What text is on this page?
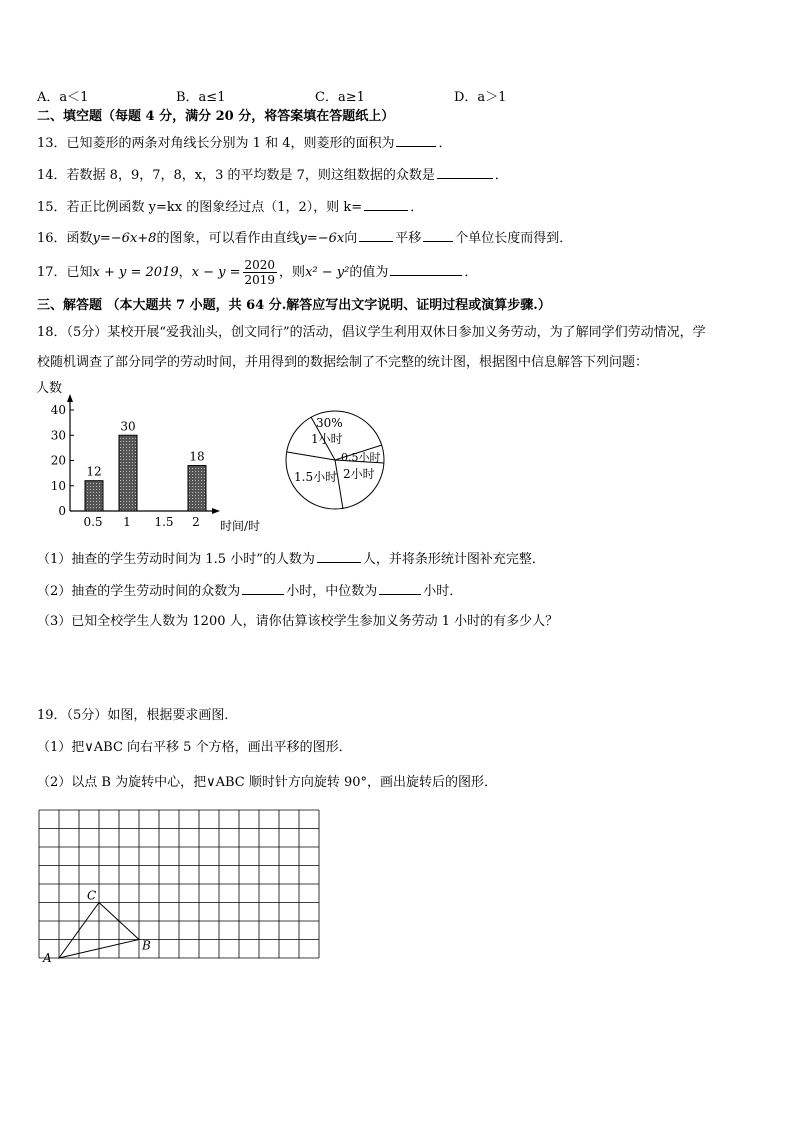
A．a＜1	B．a≤1	C．a≥1	D．a＞1
二、填空题（每题 4 分，满分 20 分，将答案填在答题纸上）
13．已知菱形的两条对角线长分别为 1 和 4，则菱形的面积为	．
14．若数据 8，9，7，8，x，3 的平均数是 7，则这组数据的众数是	．
15．若正比例函数 y=kx 的图象经过点（1，2），则 k=	．
16．函数y=−6x+8的图象，可以看作由直线y=−6x向	平移	个单位长度而得到．
17．已知x + y = 2019，$x - y = \frac{2020}{2019}$ ，则x² − y²的值为	．
三、解答题 （本大题共 7 小题，共 64 分.解答应写出文字说明、证明过程或演算步骤.）
18．（5分）某校开展“爱我汕头，创文同行”的活动，倡议学生利用双休日参加义务劳动，为了解同学们劳动情况，学
校随机调查了部分同学的劳动时间，并用得到的数据绘制了不完整的统计图，根据图中信息解答下列问题：
人数
时间/时
0
10
20
30
40
0.5
12
1
30
1.5 2
18
30%
1小时
0.5小时
2小时
1.5小时
（1）抽查的学生劳动时间为 1.5 小时”的人数为	人，并将条形统计图补充完整．
（2）抽查的学生劳动时间的众数为	小时，中位数为	小时．
（3）已知全校学生人数为 1200 人，请你估算该校学生参加义务劳动 1 小时的有多少人？
19．（5分）如图，根据要求画图．
（1）把∨ABC 向右平移 5 个方格，画出平移的图形．
（2）以点 B 为旋转中心，把∨ABC 顺时针方向旋转 90°，画出旋转后的图形．
A
B
C
